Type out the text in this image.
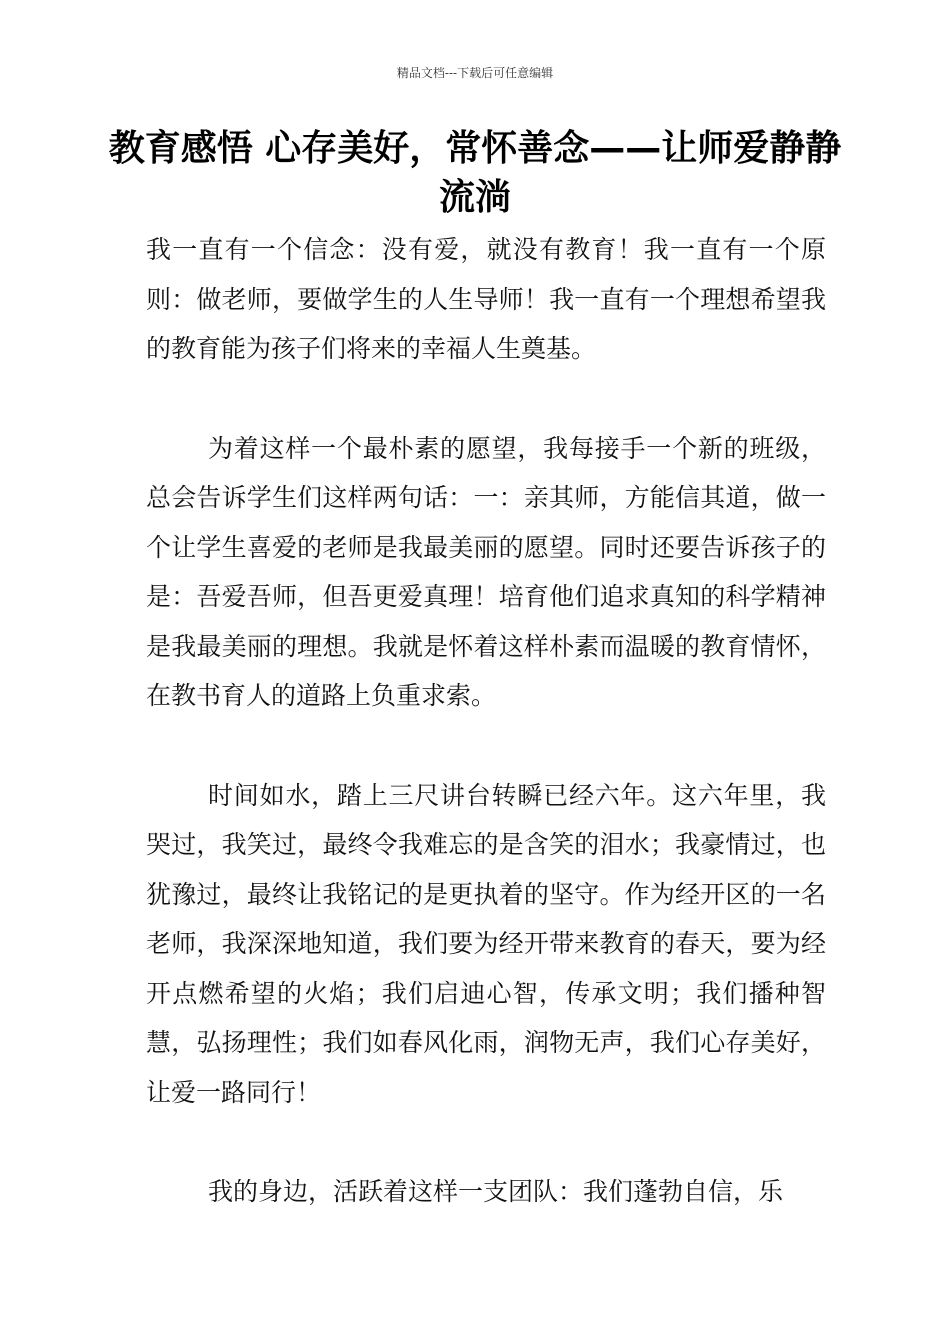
精品文档---下载后可任意编辑
教育感悟 心存美好，常怀善念——让师爱静静流淌

我一直有一个信念：没有爱，就没有教育！我一直有一个原则：做老师，要做学生的人生导师！我一直有一个理想希望我的教育能为孩子们将来的幸福人生奠基。

为着这样一个最朴素的愿望，我每接手一个新的班级，总会告诉学生们这样两句话：一：亲其师，方能信其道，做一个让学生喜爱的老师是我最美丽的愿望。同时还要告诉孩子的是：吾爱吾师，但吾更爱真理！培育他们追求真知的科学精神是我最美丽的理想。我就是怀着这样朴素而温暖的教育情怀，在教书育人的道路上负重求索。

时间如水，踏上三尺讲台转瞬已经六年。这六年里，我哭过，我笑过，最终令我难忘的是含笑的泪水；我豪情过，也犹豫过，最终让我铭记的是更执着的坚守。作为经开区的一名老师，我深深地知道，我们要为经开带来教育的春天，要为经开点燃希望的火焰；我们启迪心智，传承文明；我们播种智慧，弘扬理性；我们如春风化雨，润物无声，我们心存美好，让爱一路同行！

我的身边，活跃着这样一支团队：我们蓬勃自信，乐
